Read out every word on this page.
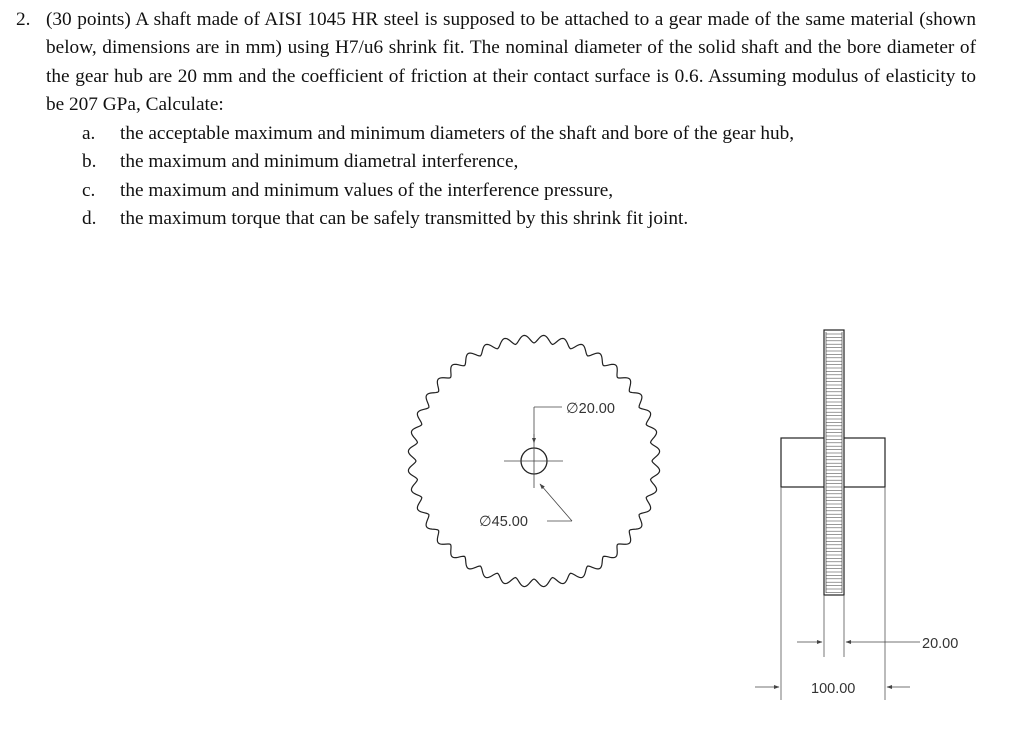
2. (30 points) A shaft made of AISI 1045 HR steel is supposed to be attached to a gear made of the same material (shown below, dimensions are in mm) using H7/u6 shrink fit. The nominal diameter of the solid shaft and the bore diameter of the gear hub are 20 mm and the coefficient of friction at their contact surface is 0.6. Assuming modulus of elasticity to be 207 GPa, Calculate:
a.	the acceptable maximum and minimum diameters of the shaft and bore of the gear hub,
b.	the maximum and minimum diametral interference,
c.	the maximum and minimum values of the interference pressure,
d.	the maximum torque that can be safely transmitted by this shrink fit joint.
∅20.00
∅45.00
20.00
100.00
